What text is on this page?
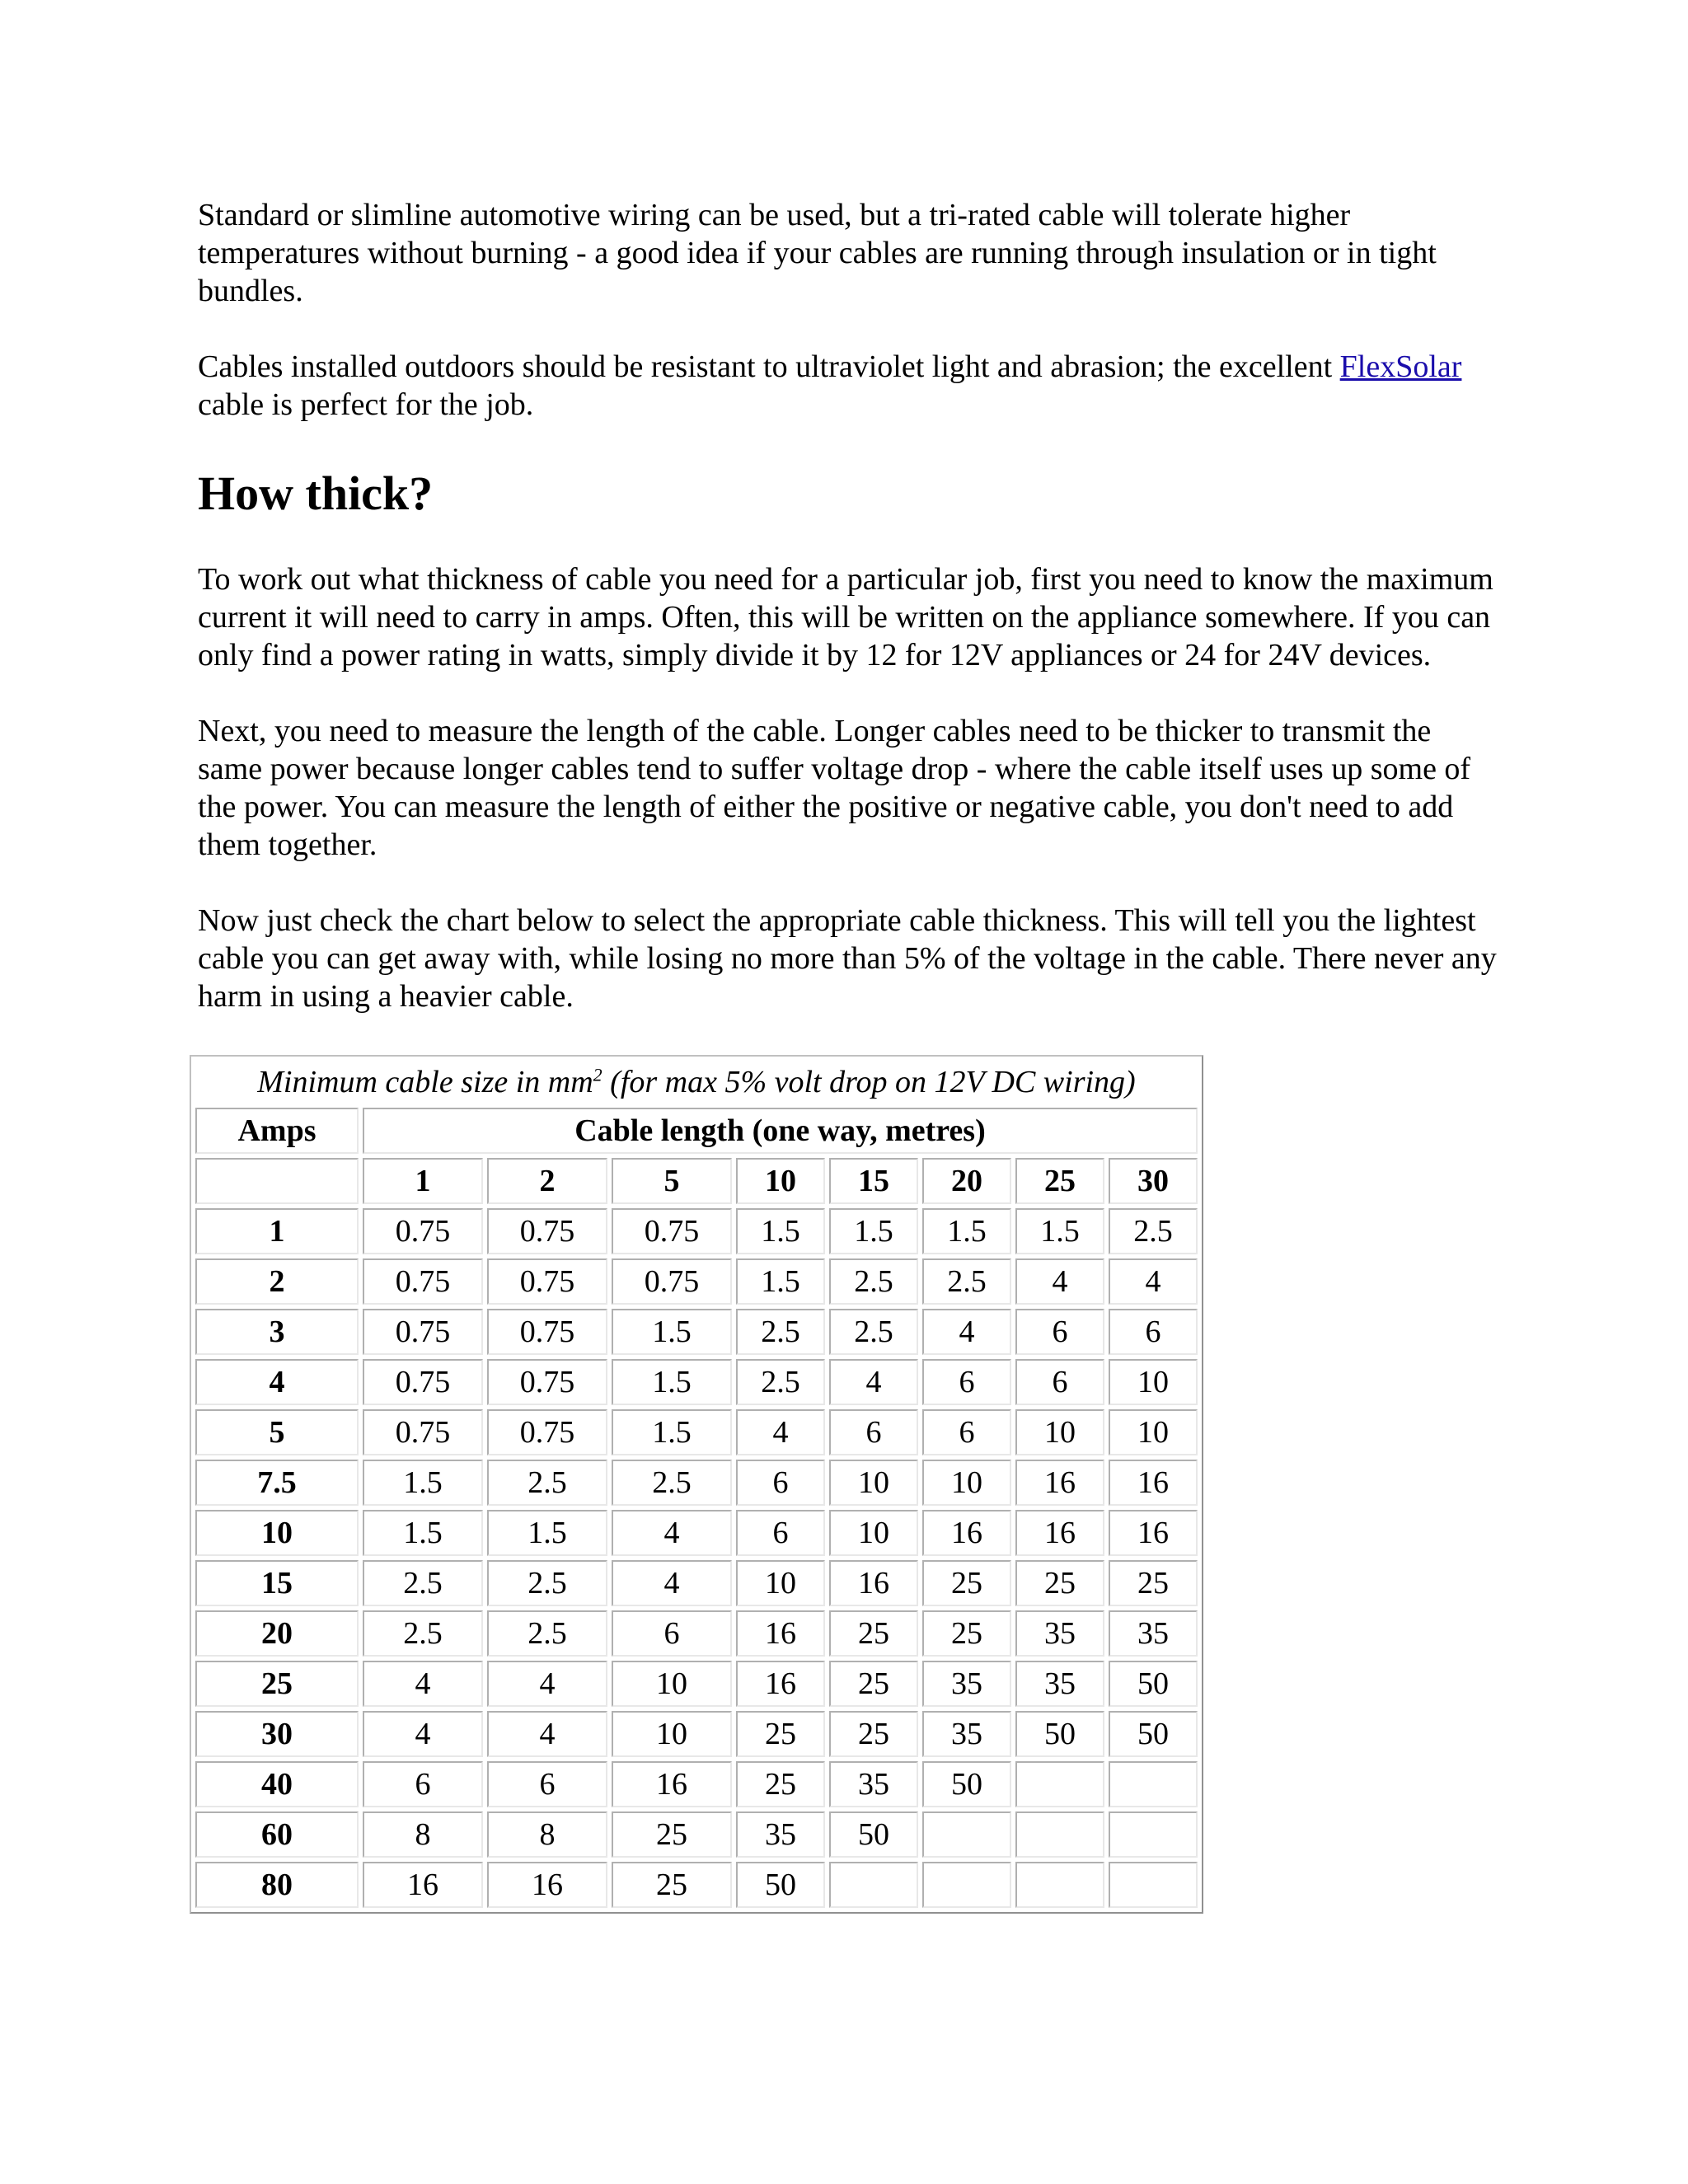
Standard or slimline automotive wiring can be used, but a tri-rated cable will tolerate higher temperatures without burning - a good idea if your cables are running through insulation or in tight bundles.

Cables installed outdoors should be resistant to ultraviolet light and abrasion; the excellent FlexSolar cable is perfect for the job.

How thick?

To work out what thickness of cable you need for a particular job, first you need to know the maximum current it will need to carry in amps. Often, this will be written on the appliance somewhere. If you can only find a power rating in watts, simply divide it by 12 for 12V appliances or 24 for 24V devices.

Next, you need to measure the length of the cable. Longer cables need to be thicker to transmit the same power because longer cables tend to suffer voltage drop - where the cable itself uses up some of the power. You can measure the length of either the positive or negative cable, you don't need to add them together.

Now just check the chart below to select the appropriate cable thickness. This will tell you the lightest cable you can get away with, while losing no more than 5% of the voltage in the cable. There never any harm in using a heavier cable.

Minimum cable size in $mm^2$ (for max 5% volt drop on 12V DC wiring)								
Amps	Cable length (one way, metres)							
	1	2	5	10	15	20	25	30
1	0.75	0.75	0.75	1.5	1.5	1.5	1.5	2.5
2	0.75	0.75	0.75	1.5	2.5	2.5	4	4
3	0.75	0.75	1.5	2.5	2.5	4	6	6
4	0.75	0.75	1.5	2.5	4	6	6	10
5	0.75	0.75	1.5	4	6	6	10	10
7.5	1.5	2.5	2.5	6	10	10	16	16
10	1.5	1.5	4	6	10	16	16	16
15	2.5	2.5	4	10	16	25	25	25
20	2.5	2.5	6	16	25	25	35	35
25	4	4	10	16	25	35	35	50
30	4	4	10	25	25	35	50	50
40	6	6	16	25	35	50		
60	8	8	25	35	50			
80	16	16	25	50				
